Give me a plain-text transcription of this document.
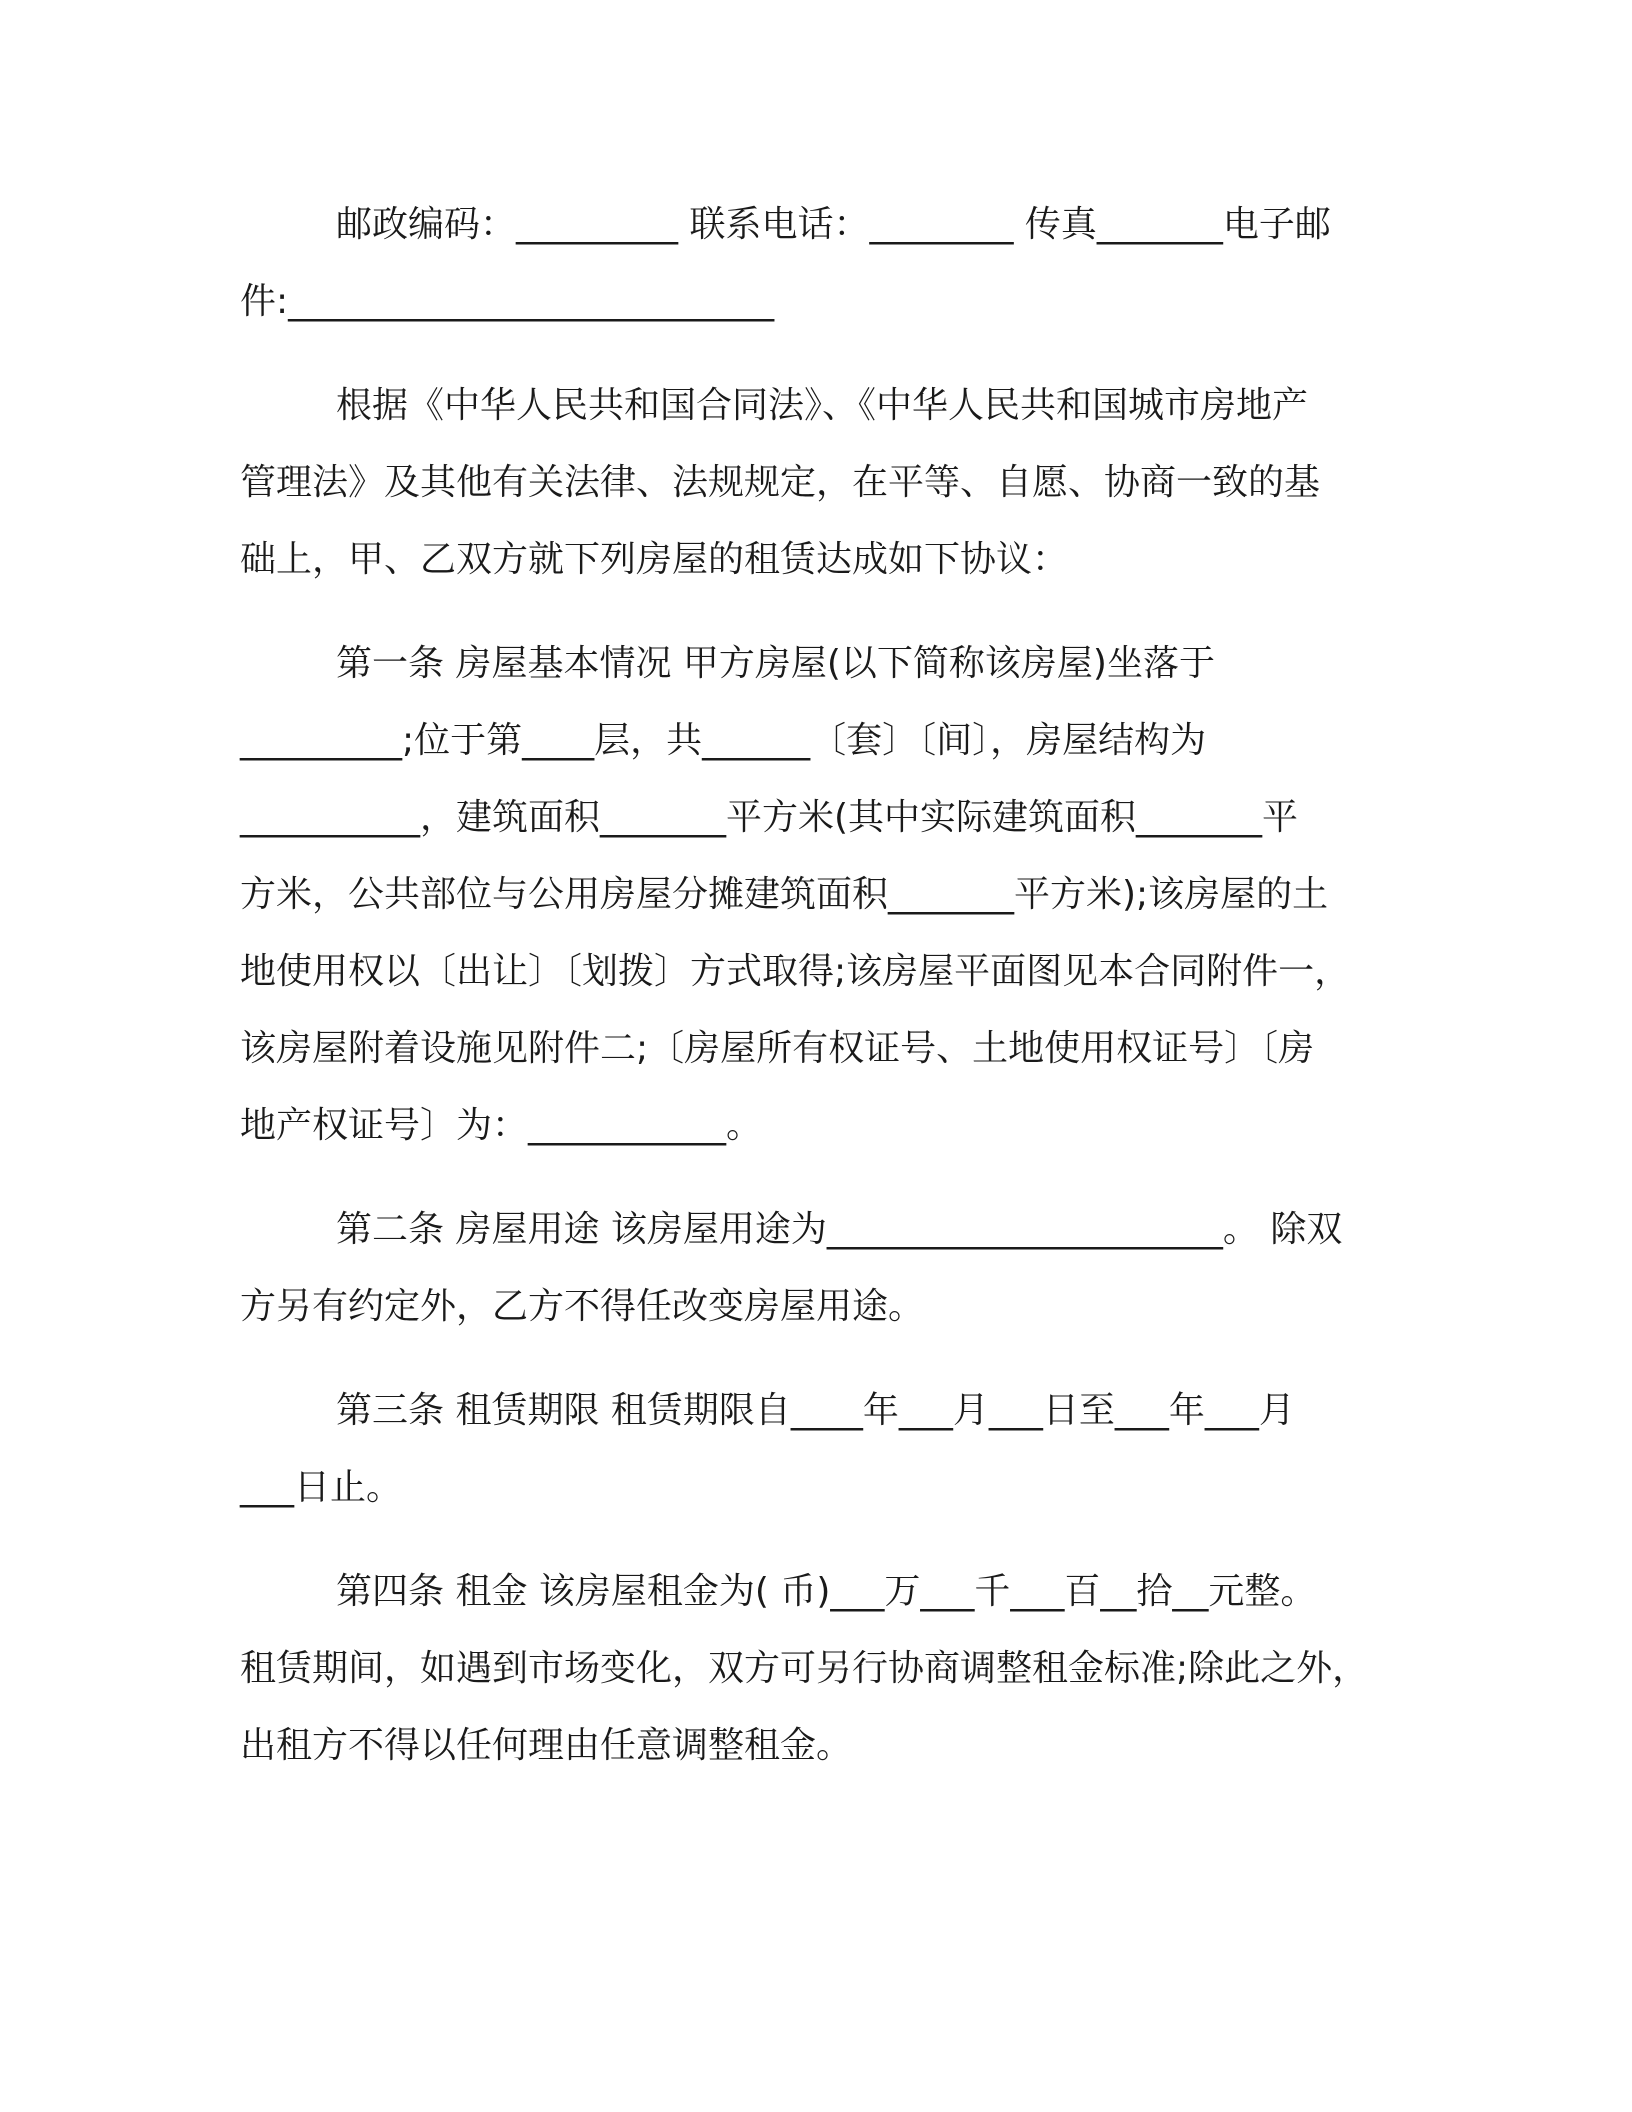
邮政编码：_________ 联系电话：________ 传真_______电子邮
件:___________________________
根据《中华人民共和国合同法》、《中华人民共和国城市房地产
管理法》及其他有关法律、法规规定，在平等、自愿、协商一致的基
础上，甲、乙双方就下列房屋的租赁达成如下协议：
第一条 房屋基本情况 甲方房屋(以下简称该房屋)坐落于
_________;位于第____层，共______〔套〕〔间〕，房屋结构为
__________，建筑面积_______平方米(其中实际建筑面积_______平
方米，公共部位与公用房屋分摊建筑面积_______平方米);该房屋的土
地使用权以〔出让〕〔划拨〕方式取得;该房屋平面图见本合同附件一，
该房屋附着设施见附件二;〔房屋所有权证号、土地使用权证号〕〔房
地产权证号〕为：___________。
第二条 房屋用途 该房屋用途为______________________。 除双
方另有约定外，乙方不得任改变房屋用途。
第三条 租赁期限 租赁期限自____年___月___日至___年___月
___日止。
第四条 租金 该房屋租金为( 币)___万___千___百__拾__元整。
租赁期间，如遇到市场变化，双方可另行协商调整租金标准;除此之外，
出租方不得以任何理由任意调整租金。
